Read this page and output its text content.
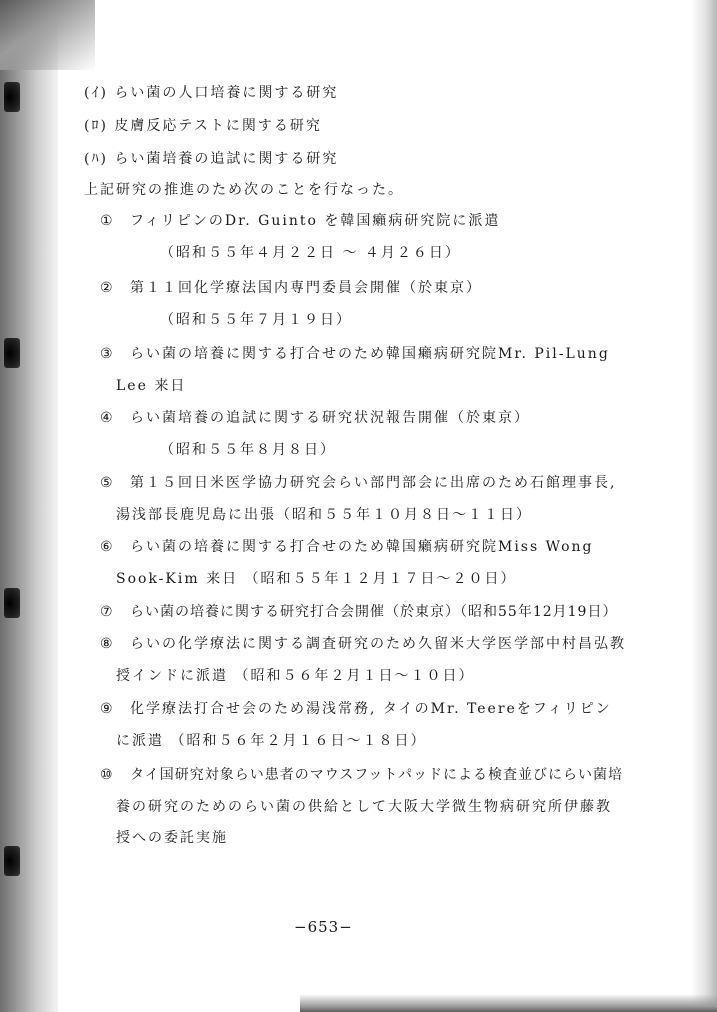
(ｲ) らい菌の人口培養に関する研究
(ﾛ) 皮膚反応テストに関する研究
(ﾊ) らい菌培養の追試に関する研究
上記研究の推進のため次のことを行なった。
① フィリピンのDr. Guinto を韓国癩病研究院に派遣
（昭和５５年４月２２日 〜 ４月２６日）
② 第１１回化学療法国内専門委員会開催（於東京）
（昭和５５年７月１９日）
③ らい菌の培養に関する打合せのため韓国癩病研究院Mr. Pil-Lung
Lee 来日
④ らい菌培養の追試に関する研究状況報告開催（於東京）
（昭和５５年８月８日）
⑤ 第１５回日米医学協力研究会らい部門部会に出席のため石館理事長,
湯浅部長鹿児島に出張（昭和５５年１０月８日〜１１日）
⑥ らい菌の培養に関する打合せのため韓国癩病研究院Miss Wong
Sook-Kim 来日 （昭和５５年１２月１７日〜２０日）
⑦ らい菌の培養に関する研究打合会開催（於東京）（昭和55年12月19日）
⑧ らいの化学療法に関する調査研究のため久留米大学医学部中村昌弘教
授インドに派遣 （昭和５６年２月１日〜１０日）
⑨ 化学療法打合せ会のため湯浅常務, タイのMr. Teereをフィリピン
に派遣 （昭和５６年２月１６日〜１８日）
⑩ タイ国研究対象らい患者のマウスフットパッドによる検査並びにらい菌培
養の研究のためのらい菌の供給として大阪大学微生物病研究所伊藤教
授への委託実施
−653−
